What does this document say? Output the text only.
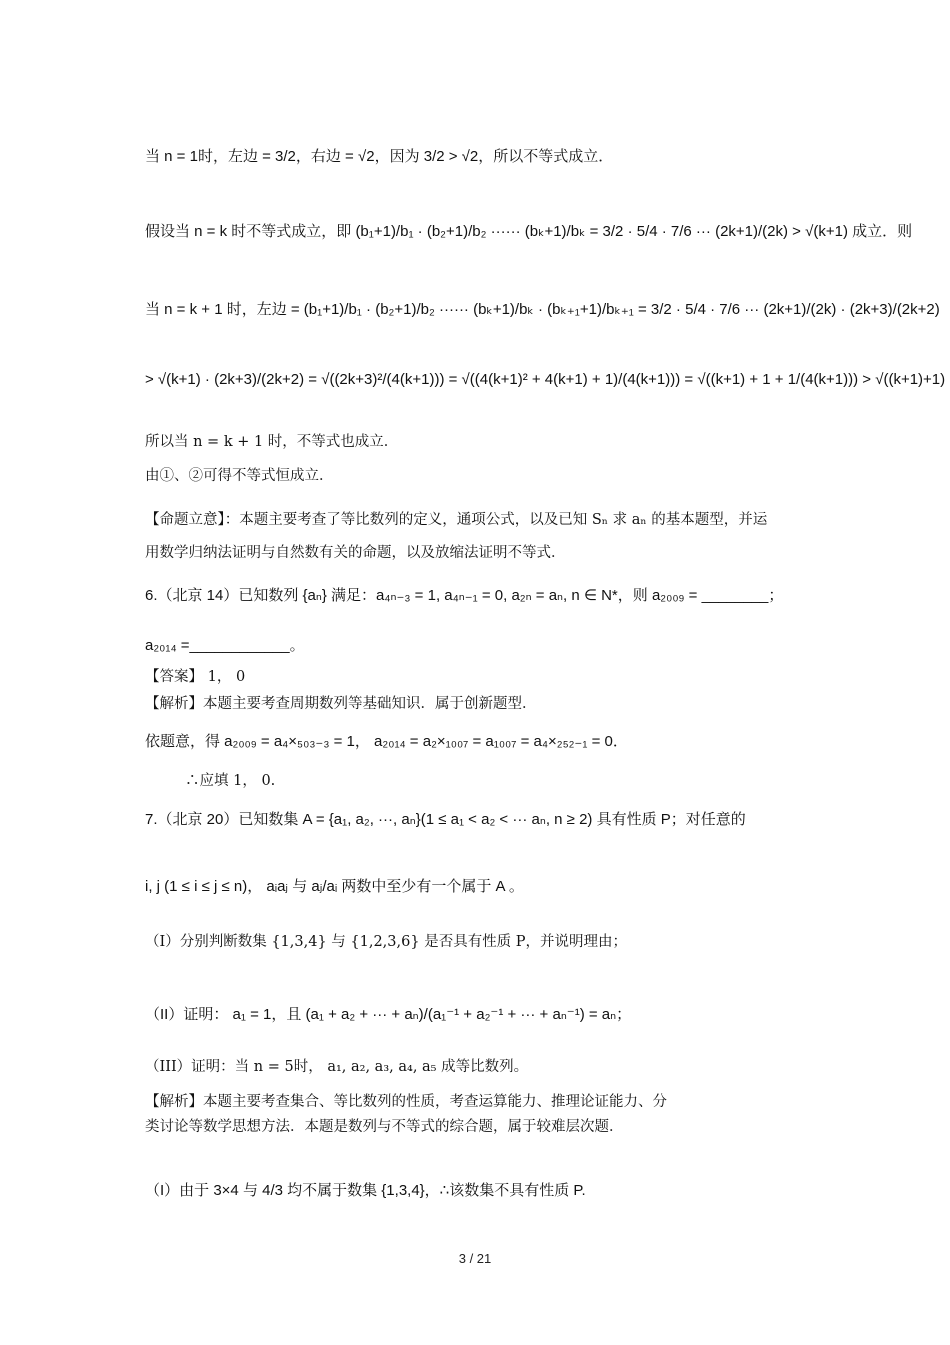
当 n = 1时，左边 = 3/2，右边 = √2，因为 3/2 > √2，所以不等式成立．
假设当 n = k 时不等式成立，即 (b₁+1)/b₁ · (b₂+1)/b₂ ······ (bₖ+1)/bₖ = 3/2 · 5/4 · 7/6 ··· (2k+1)/(2k) > √(k+1) 成立．则
当 n = k + 1 时，左边 = (b₁+1)/b₁ · (b₂+1)/b₂ ······ (bₖ+1)/bₖ · (bₖ₊₁+1)/bₖ₊₁ = 3/2 · 5/4 · 7/6 ··· (2k+1)/(2k) · (2k+3)/(2k+2)
> √(k+1) · (2k+3)/(2k+2) = √((2k+3)²/(4(k+1))) = √((4(k+1)² + 4(k+1) + 1)/(4(k+1))) = √((k+1) + 1 + 1/(4(k+1))) > √((k+1)+1)
所以当 n = k + 1 时，不等式也成立．
由①、②可得不等式恒成立．
【命题立意】：本题主要考查了等比数列的定义，通项公式，以及已知 Sₙ 求 aₙ 的基本题型，并运
用数学归纳法证明与自然数有关的命题，以及放缩法证明不等式．
6.（北京 14）已知数列 {aₙ} 满足：a₄ₙ₋₃ = 1, a₄ₙ₋₁ = 0, a₂ₙ = aₙ, n ∈ N*，则 a₂₀₀₉ = ________；
a₂₀₁₄ =____________。
【答案】 1， 0
【解析】本题主要考查周期数列等基础知识．属于创新题型．
依题意，得 a₂₀₀₉ = a₄×₅₀₃₋₃ = 1， a₂₀₁₄ = a₂×₁₀₀₇ = a₁₀₀₇ = a₄×₂₅₂₋₁ = 0．
∴应填 1， 0.
7.（北京 20）已知数集 A = {a₁, a₂, ···, aₙ}(1 ≤ a₁ < a₂ < ··· aₙ, n ≥ 2) 具有性质 P；对任意的
i, j (1 ≤ i ≤ j ≤ n)， aᵢaⱼ 与 aⱼ/aᵢ 两数中至少有一个属于 A 。
（I）分别判断数集 {1,3,4} 与 {1,2,3,6} 是否具有性质 P，并说明理由；
（II）证明： a₁ = 1，且 (a₁ + a₂ + ··· + aₙ)/(a₁⁻¹ + a₂⁻¹ + ··· + aₙ⁻¹) = aₙ；
（III）证明：当 n = 5时， a₁, a₂, a₃, a₄, a₅ 成等比数列。
【解析】本题主要考查集合、等比数列的性质，考查运算能力、推理论证能力、分
类讨论等数学思想方法．本题是数列与不等式的综合题，属于较难层次题．
（I）由于 3×4 与 4/3 均不属于数集 {1,3,4}，∴该数集不具有性质 P.
3 / 21
